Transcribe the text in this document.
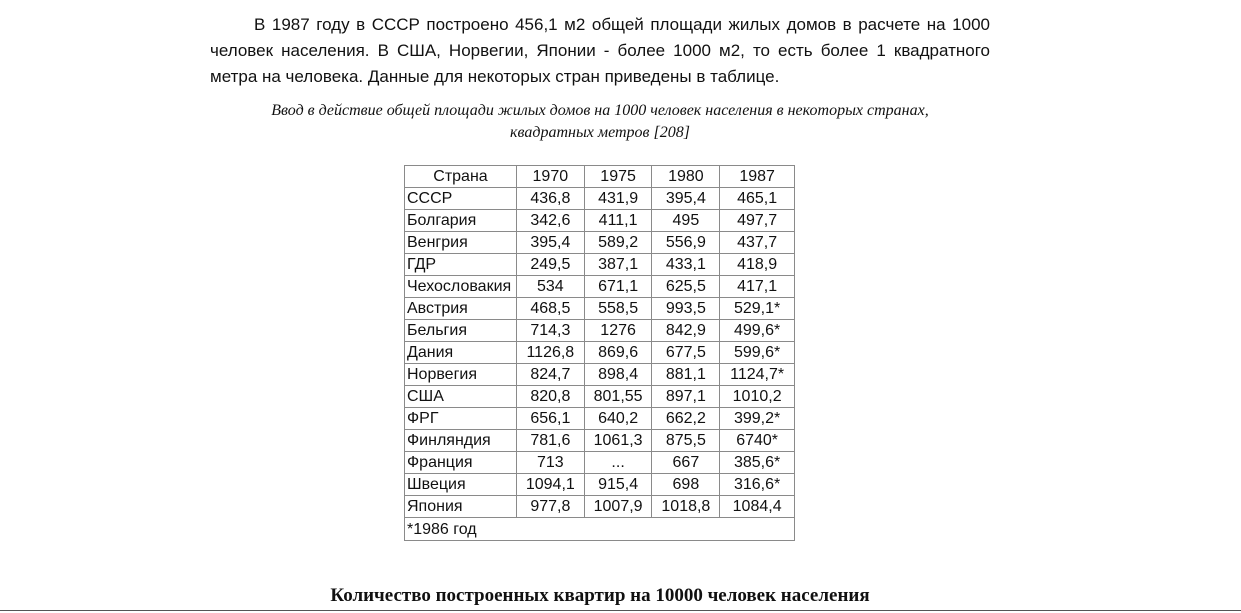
В 1987 году в СССР построено 456,1 м2 общей площади жилых домов в расчете на 1000 человек населения. В США, Норвегии, Японии - более 1000 м2, то есть более 1 квадратного метра на человека. Данные для некоторых стран приведены в таблице.

Ввод в действие общей площади жилых домов на 1000 человек населения в некоторых странах,
квадратных метров [208]

Страна	1970	1975	1980	1987
СССР	436,8	431,9	395,4	465,1
Болгария	342,6	411,1	495	497,7
Венгрия	395,4	589,2	556,9	437,7
ГДР	249,5	387,1	433,1	418,9
Чехословакия	534	671,1	625,5	417,1
Австрия	468,5	558,5	993,5	529,1*
Бельгия	714,3	1276	842,9	499,6*
Дания	1126,8	869,6	677,5	599,6*
Норвегия	824,7	898,4	881,1	1124,7*
США	820,8	801,55	897,1	1010,2
ФРГ	656,1	640,2	662,2	399,2*
Финляндия	781,6	1061,3	875,5	6740*
Франция	713	...	667	385,6*
Швеция	1094,1	915,4	698	316,6*
Япония	977,8	1007,9	1018,8	1084,4
*1986 год				
Количество построенных квартир на 10000 человек населения
